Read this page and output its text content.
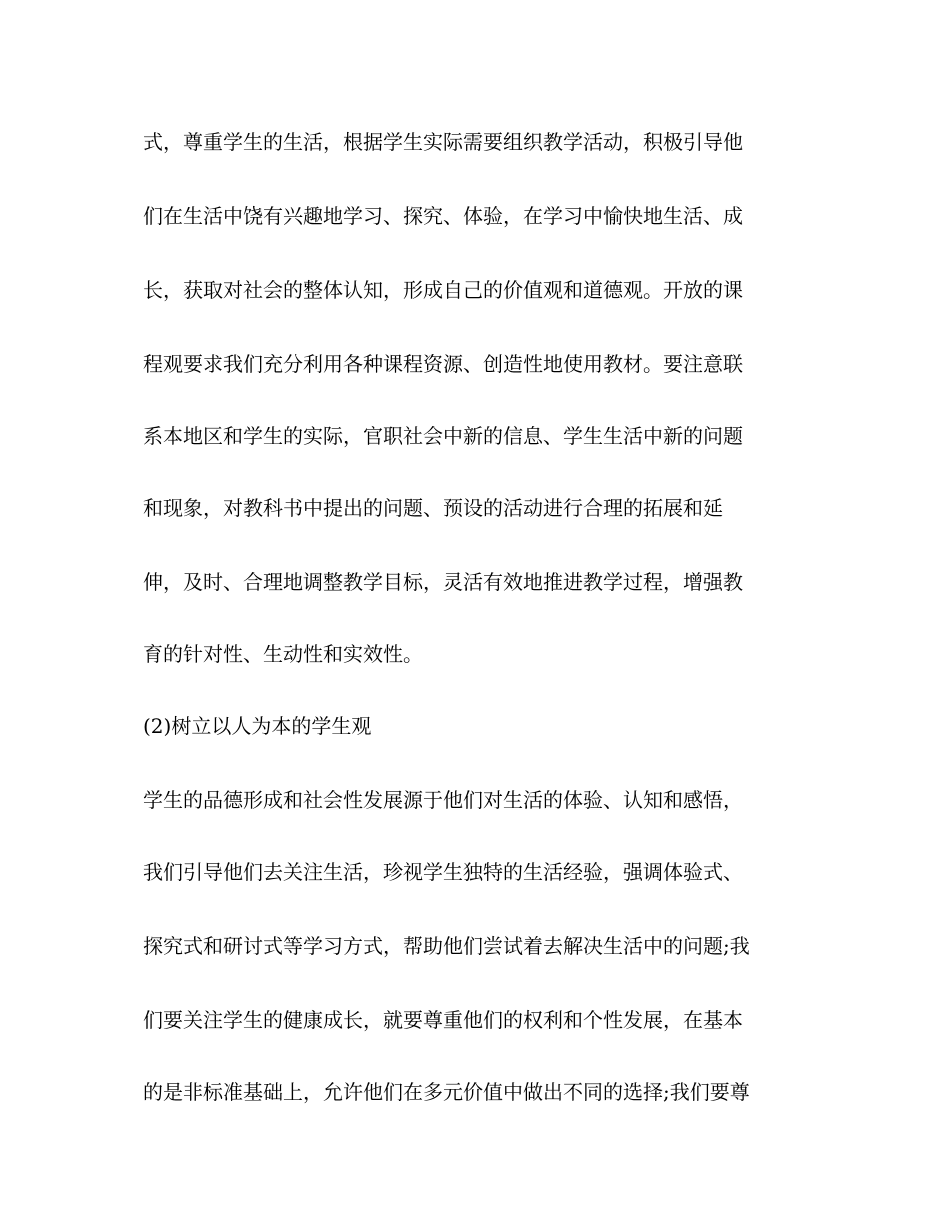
式，尊重学生的生活，根据学生实际需要组织教学活动，积极引导他

们在生活中饶有兴趣地学习、探究、体验，在学习中愉快地生活、成

长，获取对社会的整体认知，形成自己的价值观和道德观。开放的课

程观要求我们充分利用各种课程资源、创造性地使用教材。要注意联

系本地区和学生的实际，官职社会中新的信息、学生生活中新的问题

和现象，对教科书中提出的问题、预设的活动进行合理的拓展和延

伸，及时、合理地调整教学目标，灵活有效地推进教学过程，增强教

育的针对性、生动性和实效性。

(2)树立以人为本的学生观

学生的品德形成和社会性发展源于他们对生活的体验、认知和感悟，

我们引导他们去关注生活，珍视学生独特的生活经验，强调体验式、

探究式和研讨式等学习方式，帮助他们尝试着去解决生活中的问题;我

们要关注学生的健康成长，就要尊重他们的权利和个性发展，在基本

的是非标准基础上，允许他们在多元价值中做出不同的选择;我们要尊
